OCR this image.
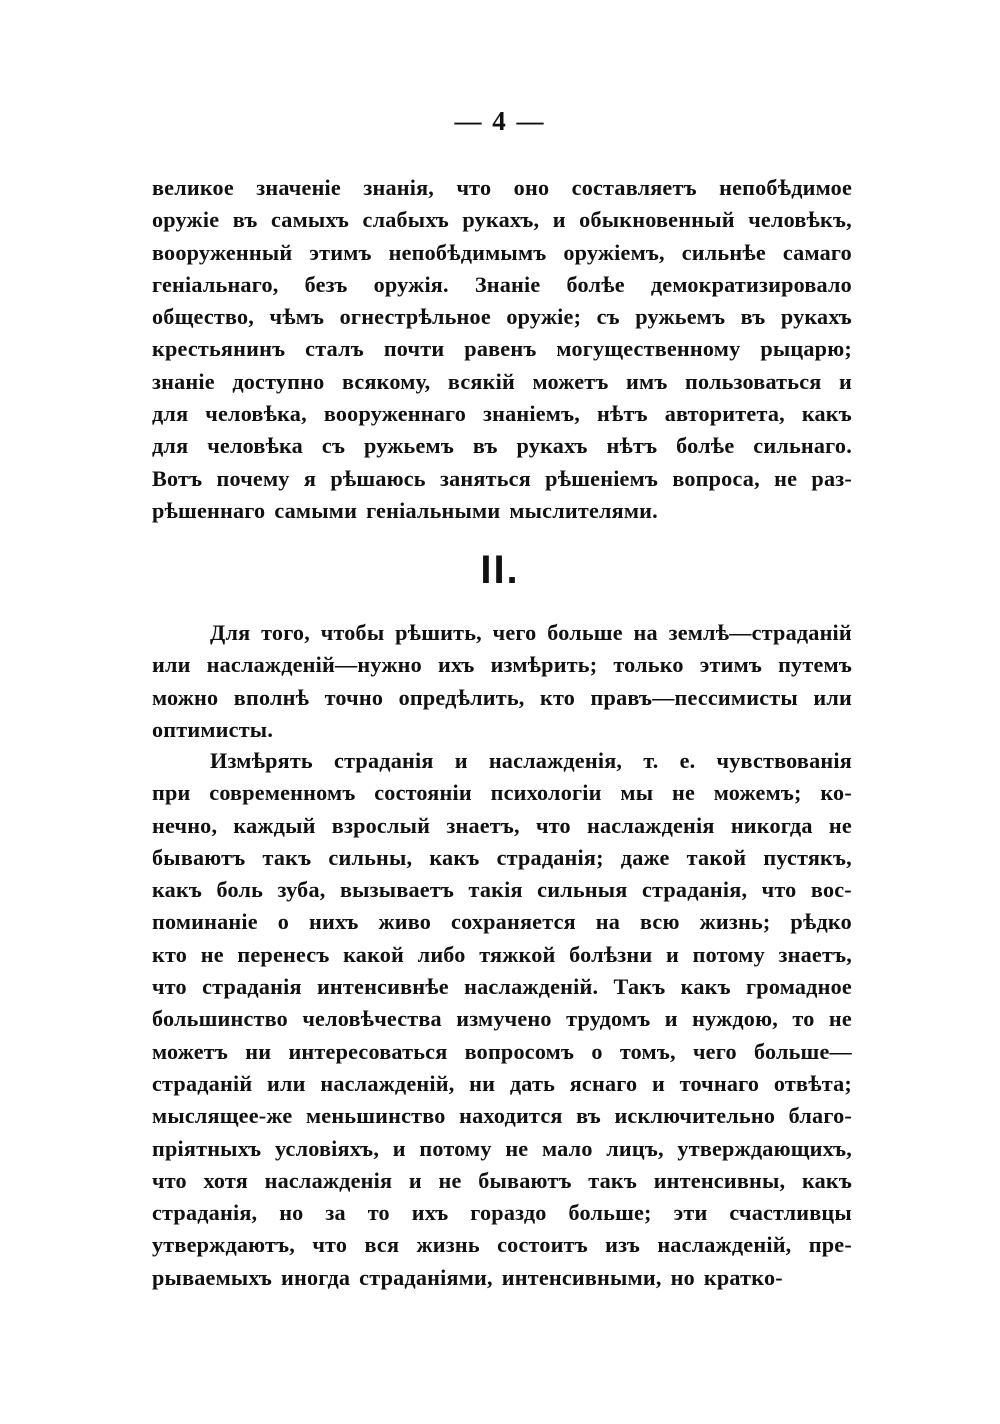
— 4 —
великое значеніе знанія, что оно составляетъ непобѣдимое
оружіе въ самыхъ слабыхъ рукахъ, и обыкновенный человѣкъ,
вооруженный этимъ непобѣдимымъ оружіемъ, сильнѣе самаго
геніальнаго, безъ оружія. Знаніе болѣе демократизировало
общество, чѣмъ огнестрѣльное оружіе; съ ружьемъ въ рукахъ
крестьянинъ сталъ почти равенъ могущественному рыцарю;
знаніе доступно всякому, всякій можетъ имъ пользоваться и
для человѣка, вооруженнаго знаніемъ, нѣтъ авторитета, какъ
для человѣка съ ружьемъ въ рукахъ нѣтъ болѣе сильнаго.
Вотъ почему я рѣшаюсь заняться рѣшеніемъ вопроса, не раз-
рѣшеннаго самыми геніальными мыслителями.
II.
Для того, чтобы рѣшить, чего больше на землѣ—страданій
или наслажденій—нужно ихъ измѣрить; только этимъ путемъ
можно вполнѣ точно опредѣлить, кто правъ—пессимисты или
оптимисты.
Измѣрять страданія и наслажденія, т. е. чувствованія
при современномъ состояніи психологіи мы не можемъ; ко-
нечно, каждый взрослый знаетъ, что наслажденія никогда не
бываютъ такъ сильны, какъ страданія; даже такой пустякъ,
какъ боль зуба, вызываетъ такія сильныя страданія, что вос-
поминаніе о нихъ живо сохраняется на всю жизнь; рѣдко
кто не перенесъ какой либо тяжкой болѣзни и потому знаетъ,
что страданія интенсивнѣе наслажденій. Такъ какъ громадное
большинство человѣчества измучено трудомъ и нуждою, то не
можетъ ни интересоваться вопросомъ о томъ, чего больше—
страданій или наслажденій, ни дать яснаго и точнаго отвѣта;
мыслящее-же меньшинство находится въ исключительно благо-
пріятныхъ условіяхъ, и потому не мало лицъ, утверждающихъ,
что хотя наслажденія и не бываютъ такъ интенсивны, какъ
страданія, но за то ихъ гораздо больше; эти счастливцы
утверждаютъ, что вся жизнь состоитъ изъ наслажденій, пре-
рываемыхъ иногда страданіями, интенсивными, но кратко-
